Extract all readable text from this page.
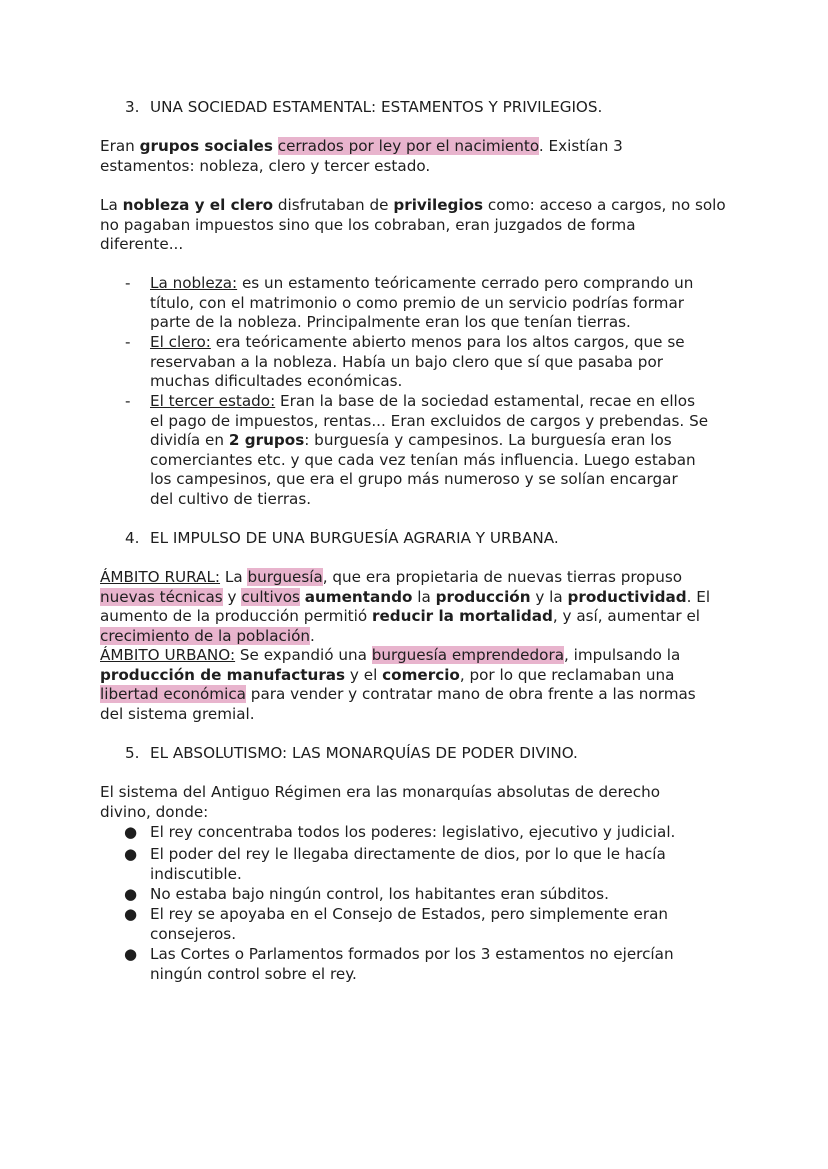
3. UNA SOCIEDAD ESTAMENTAL: ESTAMENTOS Y PRIVILEGIOS.
Eran grupos sociales cerrados por ley por el nacimiento. Existían 3
estamentos: nobleza, clero y tercer estado.
La nobleza y el clero disfrutaban de privilegios como: acceso a cargos, no solo
no pagaban impuestos sino que los cobraban, eran juzgados de forma
diferente...
- La nobleza: es un estamento teóricamente cerrado pero comprando un
título, con el matrimonio o como premio de un servicio podrías formar
parte de la nobleza. Principalmente eran los que tenían tierras.
- El clero: era teóricamente abierto menos para los altos cargos, que se
reservaban a la nobleza. Había un bajo clero que sí que pasaba por
muchas dificultades económicas.
- El tercer estado: Eran la base de la sociedad estamental, recae en ellos
el pago de impuestos, rentas... Eran excluidos de cargos y prebendas. Se
dividía en 2 grupos: burguesía y campesinos. La burguesía eran los
comerciantes etc. y que cada vez tenían más influencia. Luego estaban
los campesinos, que era el grupo más numeroso y se solían encargar
del cultivo de tierras.
4. EL IMPULSO DE UNA BURGUESÍA AGRARIA Y URBANA.
ÁMBITO RURAL: La burguesía, que era propietaria de nuevas tierras propuso
nuevas técnicas y cultivos aumentando la producción y la productividad. El
aumento de la producción permitió reducir la mortalidad, y así, aumentar el
crecimiento de la población.
ÁMBITO URBANO: Se expandió una burguesía emprendedora, impulsando la
producción de manufacturas y el comercio, por lo que reclamaban una
libertad económica para vender y contratar mano de obra frente a las normas
del sistema gremial.
5. EL ABSOLUTISMO: LAS MONARQUÍAS DE PODER DIVINO.
El sistema del Antiguo Régimen era las monarquías absolutas de derecho
divino, donde:
● El rey concentraba todos los poderes: legislativo, ejecutivo y judicial.
● El poder del rey le llegaba directamente de dios, por lo que le hacía
indiscutible.
● No estaba bajo ningún control, los habitantes eran súbditos.
● El rey se apoyaba en el Consejo de Estados, pero simplemente eran
consejeros.
● Las Cortes o Parlamentos formados por los 3 estamentos no ejercían
ningún control sobre el rey.
